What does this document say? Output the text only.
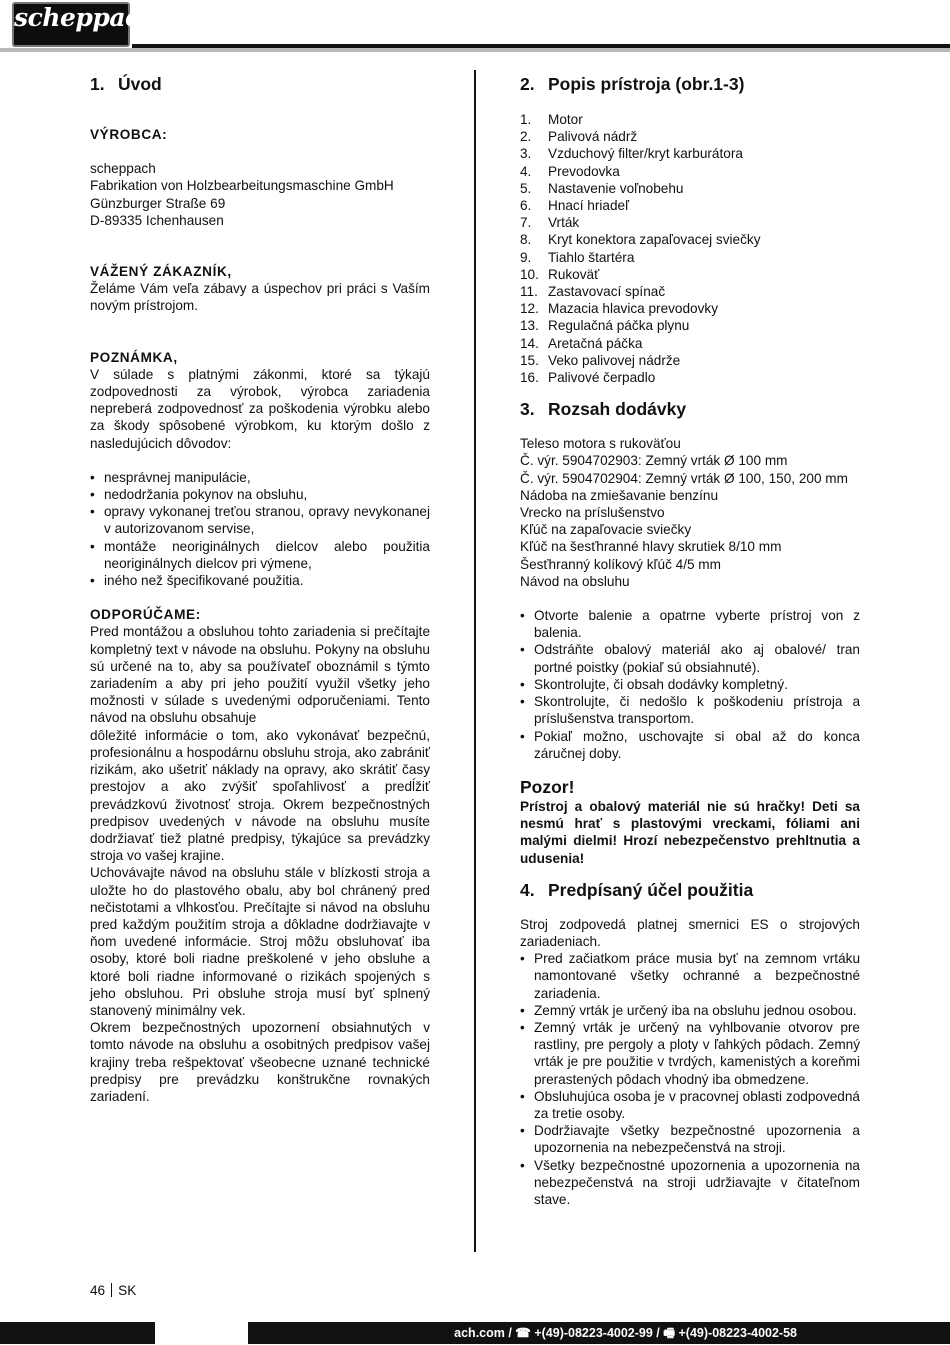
scheppach
1. Úvod
VÝROBCA:
scheppach
Fabrikation von Holzbearbeitungsmaschine GmbH
Günzburger Straße 69
D-89335 Ichenhausen
VÁŽENÝ ZÁKAZNÍK,

Želáme Vám veľa zábavy a úspechov pri práci s Vaším novým prístrojom.

POZNÁMKA,

V súlade s platnými zákonmi, ktoré sa týkajú zodpovednosti za výrobok, výrobca zariadenia nepreberá zodpovednosť za poškodenia výrobku alebo za škody spôsobené výrobkom, ku ktorým došlo z nasledujúcich dôvodov:

• nesprávnej manipulácie,
• nedodržania pokynov na obsluhu,
• opravy vykonanej treťou stranou, opravy nevykonanej v autorizovanom servise,
• montáže neoriginálnych dielcov alebo použitia neoriginálnych dielcov pri výmene,
• iného než špecifikované použitia.
ODPORÚČAME:

Pred montážou a obsluhou tohto zariadenia si prečítajte kompletný text v návode na obsluhu. Pokyny na obsluhu sú určené na to, aby sa používateľ oboznámil s týmto zariadením a aby pri jeho použití využil všetky jeho možnosti v súlade s uvedenými odporučeniami. Tento návod na obsluhu obsahuje

dôležité informácie o tom, ako vykonávať bezpečnú, profesionálnu a hospodárnu obsluhu stroja, ako zabrániť rizikám, ako ušetriť náklady na opravy, ako skrátiť časy prestojov a ako zvýšiť spoľahlivosť a predĺžiť prevádzkovú životnosť stroja. Okrem bezpečnostných predpisov uvedených v návode na obsluhu musíte dodržiavať tiež platné predpisy, týkajúce sa prevádzky stroja vo vašej krajine.

Uchovávajte návod na obsluhu stále v blízkosti stroja a uložte ho do plastového obalu, aby bol chránený pred nečistotami a vlhkosťou. Prečítajte si návod na obsluhu pred každým použitím stroja a dôkladne dodržiavajte v ňom uvedené informácie. Stroj môžu obsluhovať iba osoby, ktoré boli riadne preškolené v jeho obsluhe a ktoré boli riadne informované o rizikách spojených s jeho obsluhou. Pri obsluhe stroja musí byť splnený stanovený minimálny vek.

Okrem bezpečnostných upozornení obsiahnutých v tomto návode na obsluhu a osobitných predpisov vašej krajiny treba rešpektovať všeobecne uznané technické predpisy pre prevádzku konštrukčne rovnakých zariadení.

2. Popis prístroja (obr.1-3)
1.	Motor
2.	Palivová nádrž
3.	Vzduchový filter/kryt karburátora
4.	Prevodovka
5.	Nastavenie voľnobehu
6.	Hnací hriadeľ
7.	Vrták
8.	Kryt konektora zapaľovacej sviečky
9.	Tiahlo štartéra
10. Rukoväť
11. Zastavovací spínač
12. Mazacia hlavica prevodovky
13. Regulačná páčka plynu
14. Aretačná páčka
15. Veko palivovej nádrže
16. Palivové čerpadlo
3. Rozsah dodávky
Teleso motora s rukoväťou
Č. výr. 5904702903: Zemný vrták Ø 100 mm
Č. výr. 5904702904: Zemný vrták Ø 100, 150, 200 mm
Nádoba na zmiešavanie benzínu
Vrecko na príslušenstvo
Kľúč na zapaľovacie sviečky
Kľúč na šesťhranné hlavy skrutiek 8/10 mm
Šesťhranný kolíkový kľúč 4/5 mm
Návod na obsluhu
• Otvorte balenie a opatrne vyberte prístroj von z balenia.
• Odstráňte obalový materiál ako aj obalové/ tran portné poistky (pokiaľ sú obsiahnuté).
• Skontrolujte, či obsah dodávky kompletný.
• Skontrolujte, či nedošlo k poškodeniu prístroja a príslušenstva transportom.
• Pokiaľ možno, uschovajte si obal až do konca záručnej doby.
Pozor!

Prístroj a obalový materiál nie sú hračky! Deti sa nesmú hrať s plastovými vreckami, fóliami ani malými dielmi! Hrozí nebezpečenstvo prehltnutia a udusenia!

4. Predpísaný účel použitia

Stroj zodpovedá platnej smernici ES o strojových zariadeniach.

• Pred začiatkom práce musia byť na zemnom vrtáku namontované všetky ochranné a bezpečnostné zariadenia.
• Zemný vrták je určený iba na obsluhu jednou osobou.
• Zemný vrták je určený na vyhlbovanie otvorov pre rastliny, pre pergoly a ploty v ľahkých pôdach. Zemný vrták je pre použitie v tvrdých, kamenistých a koreňmi prerastených pôdach vhodný iba obmedzene.
• Obsluhujúca osoba je v pracovnej oblasti zodpovedná za tretie osoby.
• Dodržiavajte všetky bezpečnostné upozornenia a upozornenia na nebezpečenstvá na stroji.
• Všetky bezpečnostné upozornenia a upozornenia na nebezpečenstvá na stroji udržiavajte v čitateľnom stave.
46 SK
ach.com / ☎ +(49)-08223-4002-99 / 🖷 +(49)-08223-4002-58
